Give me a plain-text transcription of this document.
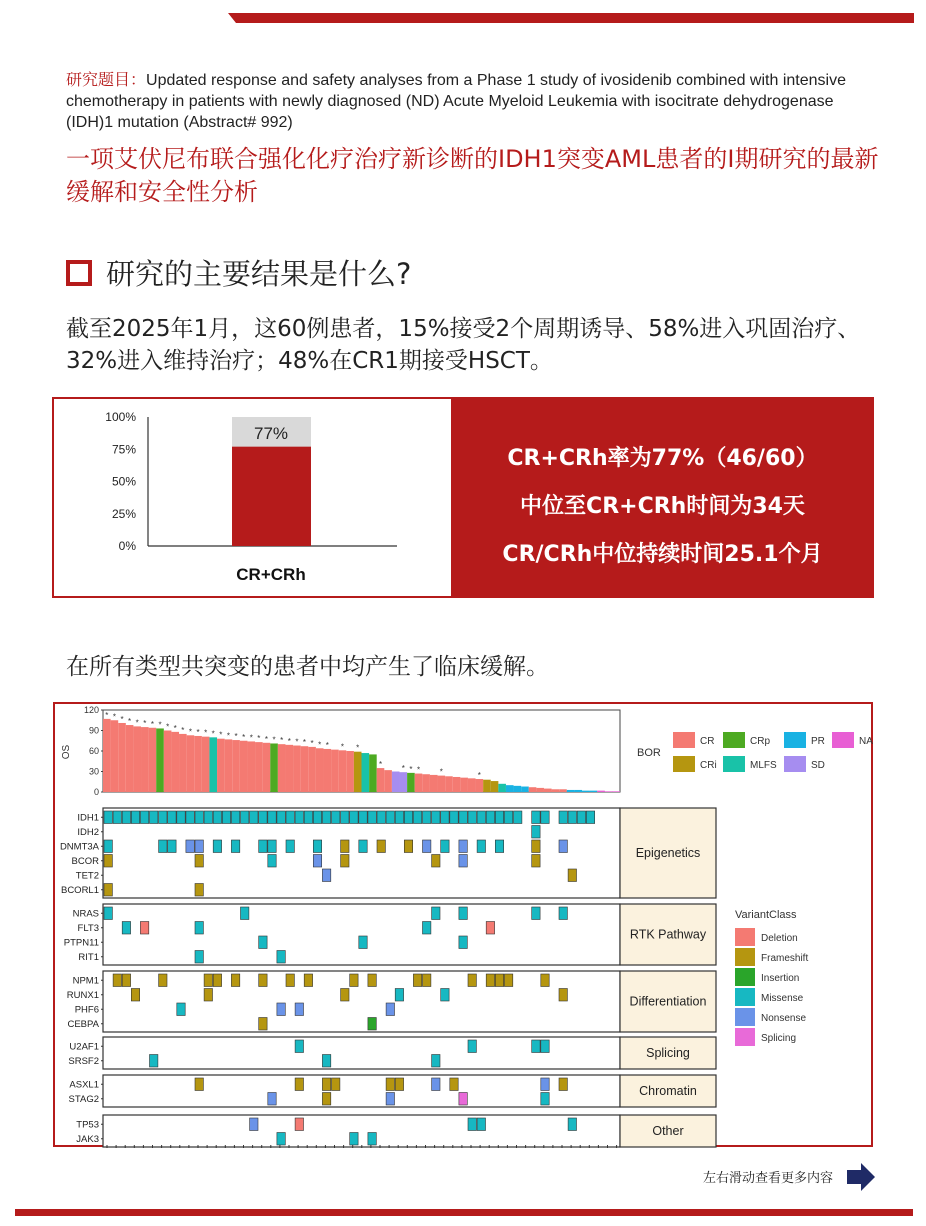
研究题目：Updated response and safety analyses from a Phase 1 study of ivosidenib combined with intensive chemotherapy in patients with newly diagnosed (ND) Acute Myeloid Leukemia with isocitrate dehydrogenase (IDH)1 mutation (Abstract# 992)
一项艾伏尼布联合强化化疗治疗新诊断的IDH1突变AML患者的I期研究的最新缓解和安全性分析
研究的主要结果是什么?
截至2025年1月，这60例患者，15%接受2个周期诱导、58%进入巩固治疗、32%进入维持治疗；48%在CR1期接受HSCT。
0%
25%
50%
75%
100%
77%
CR+CRh
CR+CRh率为77%（46/60）
中位至CR+CRh时间为34天
CR/CRh中位持续时间25.1个月
在所有类型共突变的患者中均产生了临床缓解。
0
30
60
90
120
OS
* * * * * * * * * * * * * * * * * * * * * * * * * * * * * * * *
* * * * *	*
BOR
CR	CRp	PR	NA
CRi	MLFS	SD
Epigenetics
IDH1
IDH2
DNMT3A
BCOR
TET2
BCORL1
RTK Pathway
NRAS
FLT3
PTPN11
RIT1
Differentiation
NPM1
RUNX1
PHF6
CEBPA
Splicing
U2AF1
SRSF2
Chromatin
ASXL1
STAG2
Other
TP53
JAK3
VariantClass
Deletion
Frameshift
Insertion
Missense
Nonsense
Splicing
左右滑动查看更多内容
